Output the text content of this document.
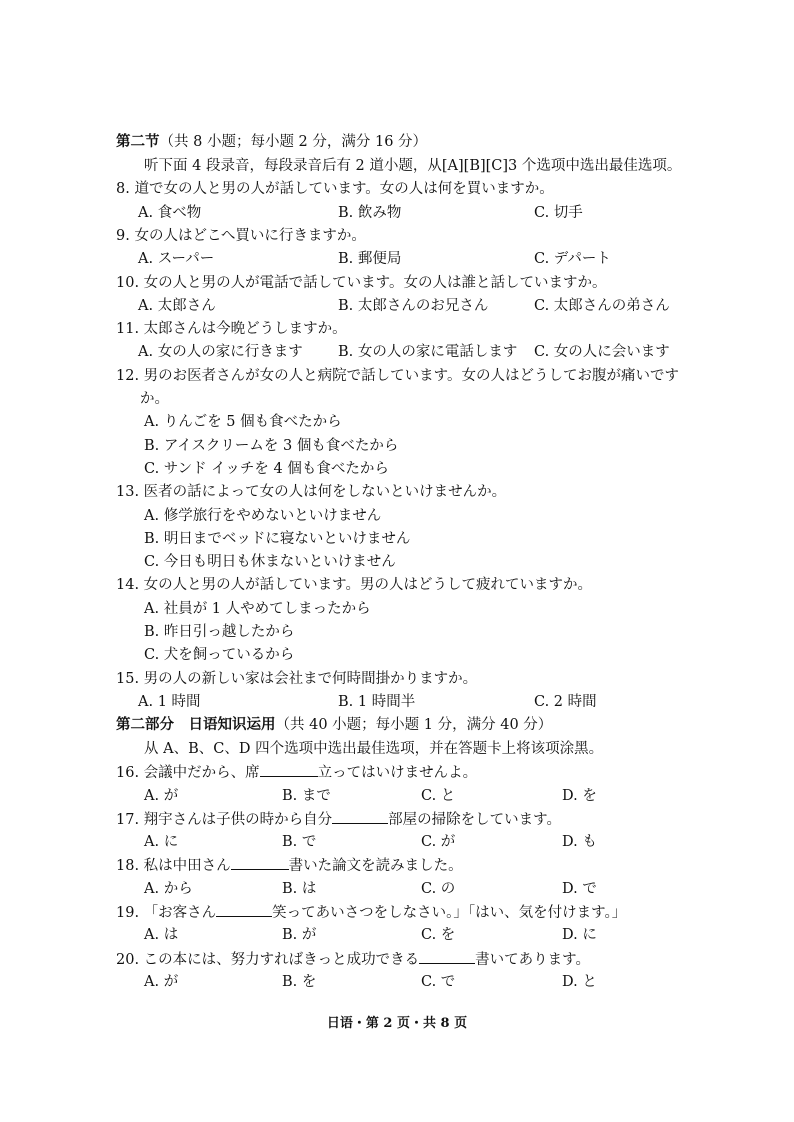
第二节（共 8 小题；每小题 2 分，满分 16 分）
听下面 4 段录音，每段录音后有 2 道小题，从[A][B][C]3 个选项中选出最佳选项。
8. 道で女の人と男の人が話しています。女の人は何を買いますか。
A. 食べ物	B. 飲み物	C. 切手
9. 女の人はどこへ買いに行きますか。
A. スーパー	B. 郵便局	C. デパート
10. 女の人と男の人が電話で話しています。女の人は誰と話していますか。
A. 太郎さん	B. 太郎さんのお兄さん	C. 太郎さんの弟さん
11. 太郎さんは今晩どうしますか。
A. 女の人の家に行きます B. 女の人の家に電話します C. 女の人に会います
12. 男のお医者さんが女の人と病院で話しています。女の人はどうしてお腹が痛いです
か。
A. りんごを 5 個も食べたから
B. アイスクリームを 3 個も食べたから
C. サンド イッチを 4 個も食べたから
13. 医者の話によって女の人は何をしないといけませんか。
A. 修学旅行をやめないといけません
B. 明日までベッドに寝ないといけません
C. 今日も明日も休まないといけません
14. 女の人と男の人が話しています。男の人はどうして疲れていますか。
A. 社員が 1 人やめてしまったから
B. 昨日引っ越したから
C. 犬を飼っているから
15. 男の人の新しい家は会社まで何時間掛かりますか。
A. 1 時間	B. 1 時間半	C. 2 時間
第二部分　日语知识运用（共 40 小题；每小题 1 分，满分 40 分）
从 A、B、C、D 四个选项中选出最佳选项，并在答题卡上将该项涂黑。
16. 会議中だから、席	立ってはいけませんよ。
A. が	B. まで	C. と	D. を
17. 翔宇さんは子供の時から自分	部屋の掃除をしています。
A. に	B. で	C. が	D. も
18. 私は中田さん	書いた論文を読みました。
A. から	B. は	C. の	D. で
19. 「お客さん	笑ってあいさつをしなさい。」「はい、気を付けます。」
A. は	B. が	C. を	D. に
20. この本には、努力すればきっと成功できる	書いてあります。
A. が	B. を	C. で	D. と
日语・第 2 页・共 8 页
